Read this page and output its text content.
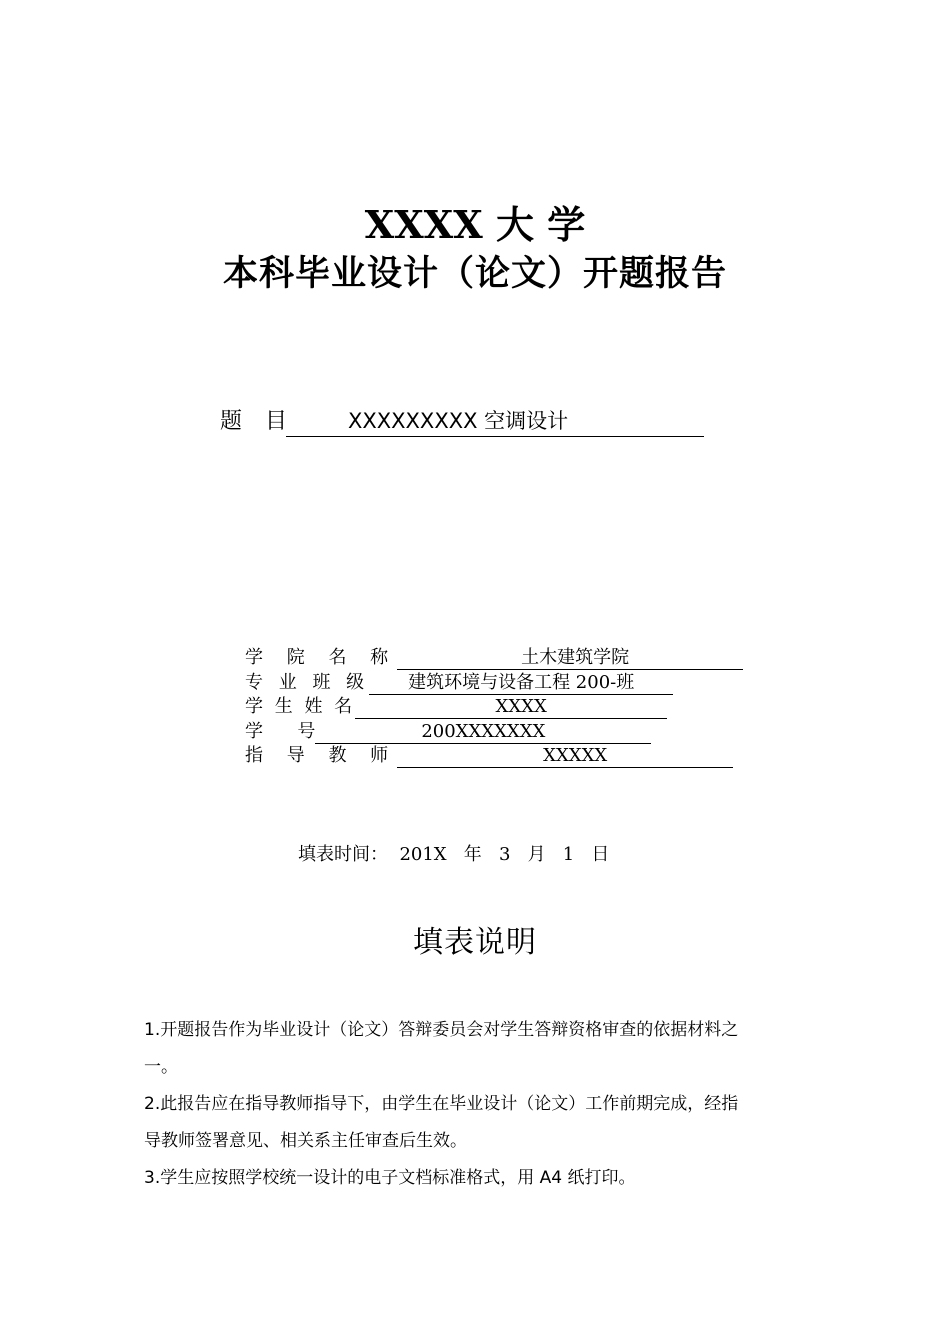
XXXX 大 学
本科毕业设计（论文）开题报告
题 目	XXXXXXXXX 空调设计
学 院 名 称	土木建筑学院
专 业 班 级 建筑环境与设备工程 200-班
学 生 姓 名	XXXX
学      号	200XXXXXXX
指 导 教 师	XXXXX
填表时间： 201X 年 3 月 1 日
填表说明
1.开题报告作为毕业设计（论文）答辩委员会对学生答辩资格审查的依据材料之
一。
2.此报告应在指导教师指导下，由学生在毕业设计（论文）工作前期完成，经指
导教师签署意见、相关系主任审查后生效。
3.学生应按照学校统一设计的电子文档标准格式，用 A4 纸打印。
